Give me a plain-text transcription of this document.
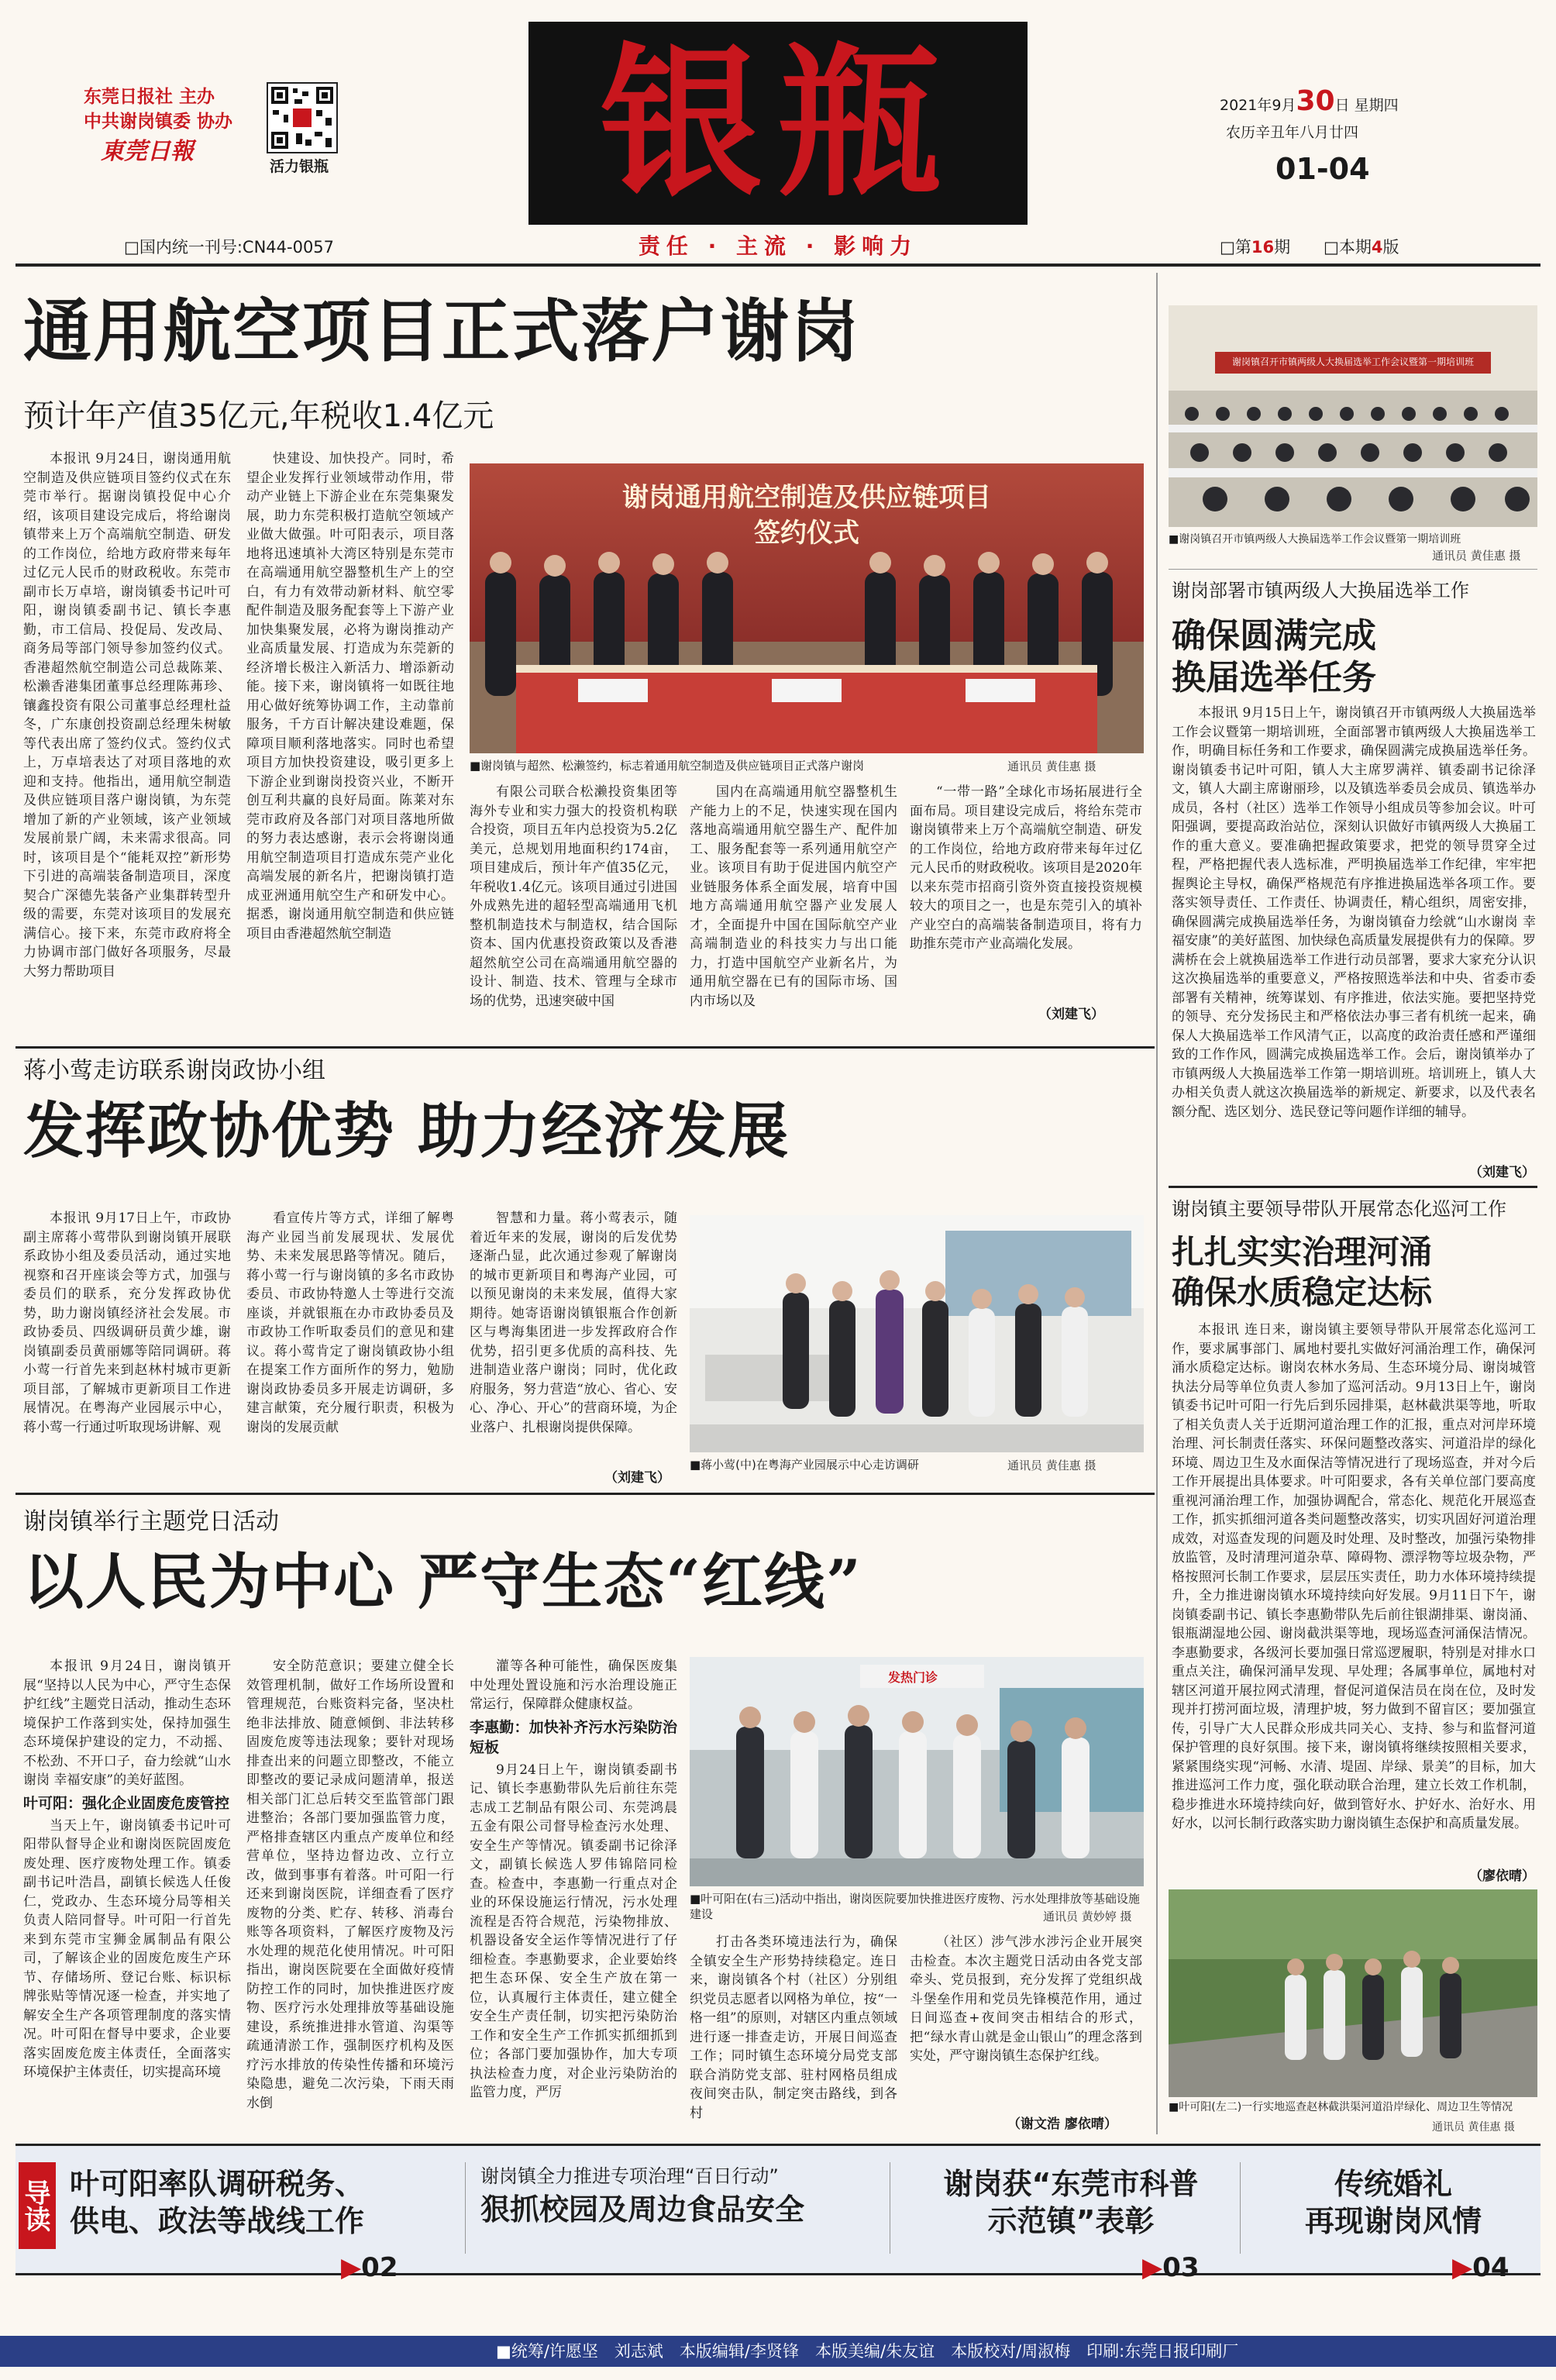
东莞日报社 主办
中共谢岗镇委 协办
東莞日報
活力银瓶	银瓶
责任 · 主流 · 影响力
2021年9月30日 星期四
农历辛丑年八月廿四
01-04
□国内统一刊号:CN44-0057	□第16期 □本期4版
通用航空项目正式落户谢岗
预计年产值35亿元,年税收1.4亿元

本报讯 9月24日，谢岗通用航空制造及供应链项目签约仪式在东莞市举行。据谢岗镇投促中心介绍，该项目建设完成后，将给谢岗镇带来上万个高端航空制造、研发的工作岗位，给地方政府带来每年过亿元人民币的财政税收。东莞市副市长万卓培，谢岗镇委书记叶可阳，谢岗镇委副书记、镇长李惠勤，市工信局、投促局、发改局、商务局等部门领导参加签约仪式。香港超然航空制造公司总裁陈莱、松濑香港集团董事总经理陈茀珍、镶鑫投资有限公司董事总经理杜益冬，广东康创投资副总经理朱树敏等代表出席了签约仪式。签约仪式上，万卓培表达了对项目落地的欢迎和支持。他指出，通用航空制造及供应链项目落户谢岗镇，为东莞增加了新的产业领域，该产业领域发展前景广阔，未来需求很高。同时，该项目是个“能耗双控”新形势下引进的高端装备制造项目，深度契合广深德先装备产业集群转型升级的需要，东莞对该项目的发展充满信心。接下来，东莞市政府将全力协调市部门做好各项服务，尽最大努力帮助项目

快建设、加快投产。同时，希望企业发挥行业领域带动作用，带动产业链上下游企业在东莞集聚发展，助力东莞积极打造航空领域产业做大做强。叶可阳表示，项目落地将迅速填补大湾区特别是东莞市在高端通用航空器整机生产上的空白，有力有效带动新材料、航空零配件制造及服务配套等上下游产业加快集聚发展，必将为谢岗推动产业高质量发展、打造成为东莞新的经济增长极注入新活力、增添新动能。接下来，谢岗镇将一如既往地用心做好统筹协调工作，主动靠前服务，千方百计解决建设难题，保障项目顺利落地落实。同时也希望项目方加快投资建设，吸引更多上下游企业到谢岗投资兴业，不断开创互利共赢的良好局面。陈莱对东莞市政府及各部门对项目落地所做的努力表达感谢，表示会将谢岗通用航空制造项目打造成东莞产业化高端发展的新名片，把谢岗镇打造成亚洲通用航空生产和研发中心。据悉，谢岗通用航空制造和供应链项目由香港超然航空制造

谢岗通用航空制造及供应链项目
签约仪式
■谢岗镇与超然、松濑签约，标志着通用航空制造及供应链项目正式落户谢岗	通讯员 黄佳惠 摄

有限公司联合松濑投资集团等海外专业和实力强大的投资机构联合投资，项目五年内总投资为5.2亿美元，总规划用地面积约174亩，项目建成后，预计年产值35亿元，年税收1.4亿元。该项目通过引进国外成熟先进的超轻型高端通用飞机整机制造技术与制造权，结合国际资本、国内优惠投资政策以及香港超然航空公司在高端通用航空器的设计、制造、技术、管理与全球市场的优势，迅速突破中国

国内在高端通用航空器整机生产能力上的不足，快速实现在国内落地高端通用航空器生产、配件加工、服务配套等一系列通用航空产业。该项目有助于促进国内航空产业链服务体系全面发展，培育中国地方高端通用航空器产业发展人才，全面提升中国在国际航空产业高端制造业的科技实力与出口能力，打造中国航空产业新名片，为通用航空器在已有的国际市场、国内市场以及

“一带一路”全球化市场拓展进行全面布局。项目建设完成后，将给东莞市谢岗镇带来上万个高端航空制造、研发的工作岗位，给地方政府带来每年过亿元人民币的财政税收。该项目是2020年以来东莞市招商引资外资直接投资规模较大的项目之一，也是东莞引入的填补产业空白的高端装备制造项目，将有力助推东莞市产业高端化发展。

（刘建飞）
蒋小莺走访联系谢岗政协小组
发挥政协优势 助力经济发展

本报讯 9月17日上午，市政协副主席蒋小莺带队到谢岗镇开展联系政协小组及委员活动，通过实地视察和召开座谈会等方式，加强与委员们的联系，充分发挥政协优势，助力谢岗镇经济社会发展。市政协委员、四级调研员黄少雄，谢岗镇副委员黄丽娜等陪同调研。蒋小莺一行首先来到赵林村城市更新项目部，了解城市更新项目工作进展情况。在粤海产业园展示中心，蒋小莺一行通过听取现场讲解、观

看宣传片等方式，详细了解粤海产业园当前发展现状、发展优势、未来发展思路等情况。随后，蒋小莺一行与谢岗镇的多名市政协委员、市政协特邀人士等进行交流座谈，并就银瓶在办市政协委员及市政协工作听取委员们的意见和建议。蒋小莺肯定了谢岗镇政协小组在提案工作方面所作的努力，勉励谢岗政协委员多开展走访调研，多建言献策，充分履行职责，积极为谢岗的发展贡献

智慧和力量。蒋小莺表示，随着近年来的发展，谢岗的后发优势逐渐凸显，此次通过参观了解谢岗的城市更新项目和粤海产业园，可以预见谢岗的未来发展，值得大家期待。她寄语谢岗镇银瓶合作创新区与粤海集团进一步发挥政府合作优势，招引更多优质的高科技、先进制造业落户谢岗；同时，优化政府服务，努力营造“放心、省心、安心、净心、开心”的营商环境，为企业落户、扎根谢岗提供保障。

（刘建飞）
■蒋小莺(中)在粤海产业园展示中心走访调研	通讯员 黄佳惠 摄
谢岗镇举行主题党日活动
以人民为中心 严守生态“红线”

本报讯 9月24日，谢岗镇开展“坚持以人民为中心，严守生态保护红线”主题党日活动，推动生态环境保护工作落到实处，保持加强生态环境保护建设的定力，不动摇、不松劲、不开口子，奋力绘就“山水谢岗 幸福安康”的美好蓝图。

叶可阳：强化企业固废危废管控

当天上午，谢岗镇委书记叶可阳带队督导企业和谢岗医院固废危废处理、医疗废物处理工作。镇委副书记叶浩昌，副镇长候选人任俊仁，党政办、生态环境分局等相关负责人陪同督导。叶可阳一行首先来到东莞市宝狮金属制品有限公司，了解该企业的固废危废生产环节、存储场所、登记台账、标识标牌张贴等情况逐一检查，并实地了解安全生产各项管理制度的落实情况。叶可阳在督导中要求，企业要落实固废危废主体责任，全面落实环境保护主体责任，切实提高环境

安全防范意识；要建立健全长效管理机制，做好工作场所设置和管理规范，台账资料完备，坚决杜绝非法排放、随意倾倒、非法转移固废危废等违法现象；要针对现场排查出来的问题立即整改，不能立即整改的要记录成问题清单，报送相关部门汇总后转交至监管部门跟进整治；各部门要加强监管力度，严格排查辖区内重点产废单位和经营单位，坚持边督边改、立行立改，做到事事有着落。叶可阳一行还来到谢岗医院，详细查看了医疗废物的分类、贮存、转移、消毒台账等各项资料，了解医疗废物及污水处理的规范化使用情况。叶可阳指出，谢岗医院要在全面做好疫情防控工作的同时，加快推进医疗废物、医疗污水处理排放等基础设施建设，系统推进排水管道、沟渠等疏通清淤工作，强制医疗机构及医疗污水排放的传染性传播和环境污染隐患，避免二次污染，下雨天雨水倒

灌等各种可能性，确保医废集中处理处置设施和污水治理设施正常运行，保障群众健康权益。

李惠勤：加快补齐污水污染防治短板

9月24日上午，谢岗镇委副书记、镇长李惠勤带队先后前往东莞志成工艺制品有限公司、东莞鸿晨五金有限公司督导检查污水处理、安全生产等情况。镇委副书记徐泽文，副镇长候选人罗伟锦陪同检查。检查中，李惠勤一行重点对企业的环保设施运行情况，污水处理流程是否符合规范，污染物排放、机器设备安全运作等情况进行了仔细检查。李惠勤要求，企业要始终把生态环保、安全生产放在第一位，认真履行主体责任，建立健全安全生产责任制，切实把污染防治工作和安全生产工作抓实抓细抓到位；各部门要加强协作，加大专项执法检查力度，对企业污染防治的监管力度，严厉

发热门诊
■叶可阳在(右三)活动中指出，谢岗医院要加快推进医疗废物、污水处理排放等基础设施建设	通讯员 黄妙婷 摄

打击各类环境违法行为，确保全镇安全生产形势持续稳定。连日来，谢岗镇各个村（社区）分别组织党员志愿者以网格为单位，按“一格一组”的原则，对辖区内重点领域进行逐一排查走访，开展日间巡查工作；同时镇生态环境分局党支部联合消防党支部、驻村网格员组成夜间突击队，制定突击路线，到各村

（社区）涉气涉水涉污企业开展突击检查。本次主题党日活动由各党支部牵头、党员报到，充分发挥了党组织战斗堡垒作用和党员先锋模范作用，通过日间巡查+夜间突击相结合的形式，把“绿水青山就是金山银山”的理念落到实处，严守谢岗镇生态保护红线。

（谢文浩 廖依晴）
谢岗镇召开市镇两级人大换届选举工作会议暨第一期培训班
■谢岗镇召开市镇两级人大换届选举工作会议暨第一期培训班
通讯员 黄佳惠 摄
谢岗部署市镇两级人大换届选举工作
确保圆满完成
换届选举任务

本报讯 9月15日上午，谢岗镇召开市镇两级人大换届选举工作会议暨第一期培训班，全面部署市镇两级人大换届选举工作，明确目标任务和工作要求，确保圆满完成换届选举任务。谢岗镇委书记叶可阳，镇人大主席罗满祥、镇委副书记徐泽文，镇人大副主席谢丽珍，以及镇选举委员会成员、镇选举办成员，各村（社区）选举工作领导小组成员等参加会议。叶可阳强调，要提高政治站位，深刻认识做好市镇两级人大换届工作的重大意义。要准确把握政策要求，把党的领导贯穿全过程，严格把握代表人选标准，严明换届选举工作纪律，牢牢把握舆论主导权，确保严格规范有序推进换届选举各项工作。要落实领导责任、工作责任、协调责任，精心组织，周密安排，确保圆满完成换届选举任务，为谢岗镇奋力绘就“山水谢岗 幸福安康”的美好蓝图、加快绿色高质量发展提供有力的保障。罗满桥在会上就换届选举工作进行动员部署，要求大家充分认识这次换届选举的重要意义，严格按照选举法和中央、省委市委部署有关精神，统筹谋划、有序推进，依法实施。要把坚持党的领导、充分发扬民主和严格依法办事三者有机统一起来，确保人大换届选举工作风清气正，以高度的政治责任感和严谨细致的工作作风，圆满完成换届选举工作。会后，谢岗镇举办了市镇两级人大换届选举工作第一期培训班。培训班上，镇人大办相关负责人就这次换届选举的新规定、新要求，以及代表名额分配、选区划分、选民登记等问题作详细的辅导。

（刘建飞）
谢岗镇主要领导带队开展常态化巡河工作
扎扎实实治理河涌
确保水质稳定达标

本报讯 连日来，谢岗镇主要领导带队开展常态化巡河工作，要求属事部门、属地村要扎实做好河涌治理工作，确保河涌水质稳定达标。谢岗农林水务局、生态环境分局、谢岗城管执法分局等单位负责人参加了巡河活动。9月13日上午，谢岗镇委书记叶可阳一行先后到乐园排渠，赵林截洪渠等地，听取了相关负责人关于近期河道治理工作的汇报，重点对河岸环境治理、河长制责任落实、环保问题整改落实、河道沿岸的绿化环境、周边卫生及水面保洁等情况进行了现场巡查，并对今后工作开展提出具体要求。叶可阳要求，各有关单位部门要高度重视河涌治理工作，加强协调配合，常态化、规范化开展巡查工作，抓实抓细河道各类问题整改落实，切实巩固好河道治理成效，对巡查发现的问题及时处理、及时整改，加强污染物排放监管，及时清理河道杂草、障碍物、漂浮物等垃圾杂物，严格按照河长制工作要求，层层压实责任，助力水体环境持续提升，全力推进谢岗镇水环境持续向好发展。9月11日下午，谢岗镇委副书记、镇长李惠勤带队先后前往银湖排渠、谢岗涌、银瓶湖湿地公园、谢岗截洪渠等地，现场巡查河涌保洁情况。李惠勤要求，各级河长要加强日常巡逻履职，特别是对排水口重点关注，确保河涌早发现、早处理；各属事单位，属地村对辖区河道开展拉网式清理，督促河道保洁员在岗在位，及时发现并打捞河面垃圾，清理护坡，努力做到不留盲区；要加强宣传，引导广大人民群众形成共同关心、支持、参与和监督河道保护管理的良好氛围。接下来，谢岗镇将继续按照相关要求，紧紧围绕实现“河畅、水清、堤固、岸绿、景美”的目标，加大推进巡河工作力度，强化联动联合治理，建立长效工作机制，稳步推进水环境持续向好，做到管好水、护好水、治好水、用好水，以河长制行政落实助力谢岗镇生态保护和高质量发展。

（廖依晴）
■叶可阳(左二)一行实地巡查赵林截洪渠河道沿岸绿化、周边卫生等情况
通讯员 黄佳惠 摄
导读 叶可阳率队调研税务、
供电、政法等战线工作
▶02
谢岗镇全力推进专项治理“百日行动”
狠抓校园及周边食品安全
谢岗获“东莞市科普
示范镇”表彰
▶03
传统婚礼
再现谢岗风情
▶04
■统筹/许愿坚　刘志斌　本版编辑/李贤锋　本版美编/朱友谊　本版校对/周淑梅　印刷:东莞日报印刷厂
